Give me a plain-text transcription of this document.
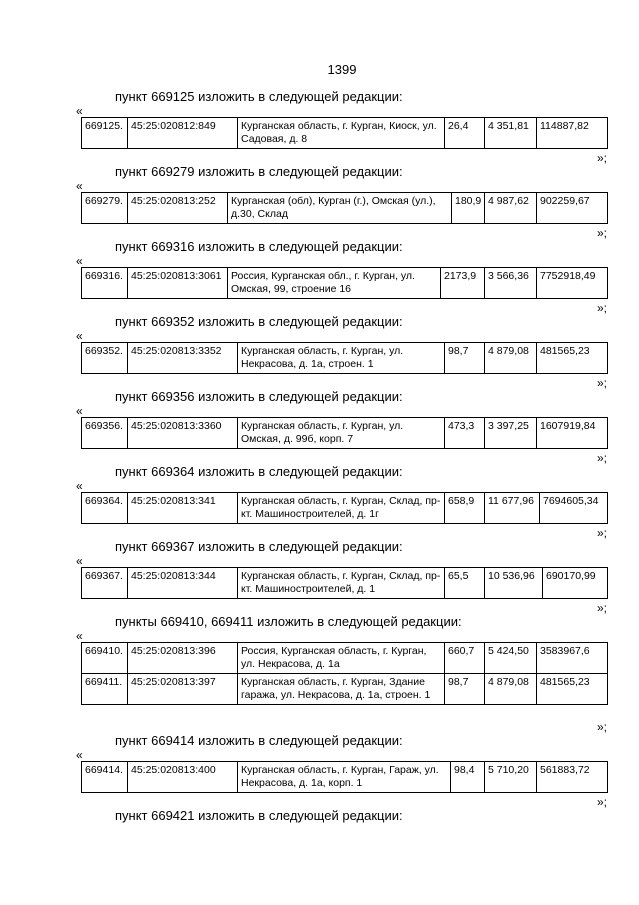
1399
пункт 669125 изложить в следующей редакции:
«
669125.	45:25:020812:849	Курганская область, г. Курган, Киоск, ул. Садовая, д. 8	26,4	4 351,81	114887,82
»;
пункт 669279 изложить в следующей редакции:
«
669279.	45:25:020813:252	Курганская (обл), Курган (г.), Омская (ул.), д.30, Склад	180,9	4 987,62	902259,67
»;
пункт 669316 изложить в следующей редакции:
«
669316.	45:25:020813:3061	Россия, Курганская обл., г. Курган, ул. Омская, 99, строение 16	2173,9	3 566,36	7752918,49
»;
пункт 669352 изложить в следующей редакции:
«
669352.	45:25:020813:3352	Курганская область, г. Курган, ул. Некрасова, д. 1а, строен. 1	98,7	4 879,08	481565,23
»;
пункт 669356 изложить в следующей редакции:
«
669356.	45:25:020813:3360	Курганская область, г. Курган, ул. Омская, д. 99б, корп. 7	473,3	3 397,25	1607919,84
»;
пункт 669364 изложить в следующей редакции:
«
669364.	45:25:020813:341	Курганская область, г. Курган, Склад, пр-кт. Машиностроителей, д. 1г	658,9	11 677,96	7694605,34
»;
пункт 669367 изложить в следующей редакции:
«
669367.	45:25:020813:344	Курганская область, г. Курган, Склад, пр-кт. Машиностроителей, д. 1	65,5	10 536,96	690170,99
»;
пункты 669410, 669411 изложить в следующей редакции:
«
669410.	45:25:020813:396	Россия, Курганская область, г. Курган, ул. Некрасова, д. 1а	660,7	5 424,50	3583967,6
669411.	45:25:020813:397	Курганская область, г. Курган, Здание гаража, ул. Некрасова, д. 1а, строен. 1	98,7	4 879,08	481565,23
»;
пункт 669414 изложить в следующей редакции:
«
669414.	45:25:020813:400	Курганская область, г. Курган, Гараж, ул. Некрасова, д. 1а, корп. 1	98,4	5 710,20	561883,72
»;
пункт 669421 изложить в следующей редакции:
